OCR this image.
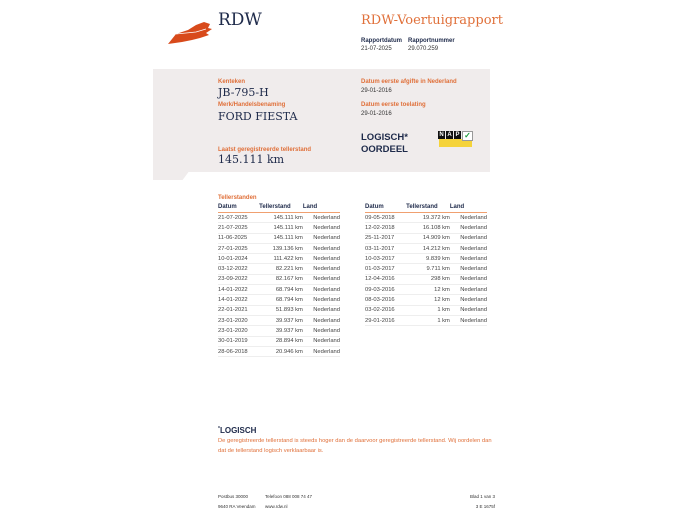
RDW	RDW-Voertuigrapport
Rapportdatum
21-07-2025
Rapportnummer
29.070.259
Kenteken
JB-795-H
Merk/Handelsbenaming
FORD FIESTA
Laatst geregistreerde tellerstand
145.111 km
Datum eerste afgifte in Nederland
29-01-2016
Datum eerste toelating
29-01-2016
LOGISCH*
OORDEEL
N A P ✓
Tellerstanden
Datum	Tellerstand	Land
21-07-2025	145.111 km	Nederland
21-07-2025	145.111 km	Nederland
11-06-2025	145.111 km	Nederland
27-01-2025	139.136 km	Nederland
10-01-2024	111.422 km	Nederland
03-12-2022	82.221 km	Nederland
23-09-2022	82.167 km	Nederland
14-01-2022	68.794 km	Nederland
14-01-2022	68.794 km	Nederland
22-01-2021	51.893 km	Nederland
23-01-2020	39.937 km	Nederland
23-01-2020	39.937 km	Nederland
30-01-2019	28.894 km	Nederland
28-06-2018	20.946 km	Nederland
Datum	Tellerstand	Land
09-05-2018	19.372 km	Nederland
12-02-2018	16.108 km	Nederland
25-11-2017	14.909 km	Nederland
03-11-2017	14.212 km	Nederland
10-03-2017	9.839 km	Nederland
01-03-2017	9.711 km	Nederland
12-04-2016	298 km	Nederland
09-03-2016	12 km	Nederland
08-03-2016	12 km	Nederland
03-02-2016	1 km	Nederland
29-01-2016	1 km	Nederland
*LOGISCH
De geregistreerde tellerstand is steeds hoger dan de daarvoor geregistreerde tellerstand. Wij oordelen dan dat de tellerstand logisch verklaarbaar is.
Postbus 30000
9640 RA Veendam
Telefoon 088 008 74 47
www.rdw.nl
Blad 1 van 3
3 E 1675f
